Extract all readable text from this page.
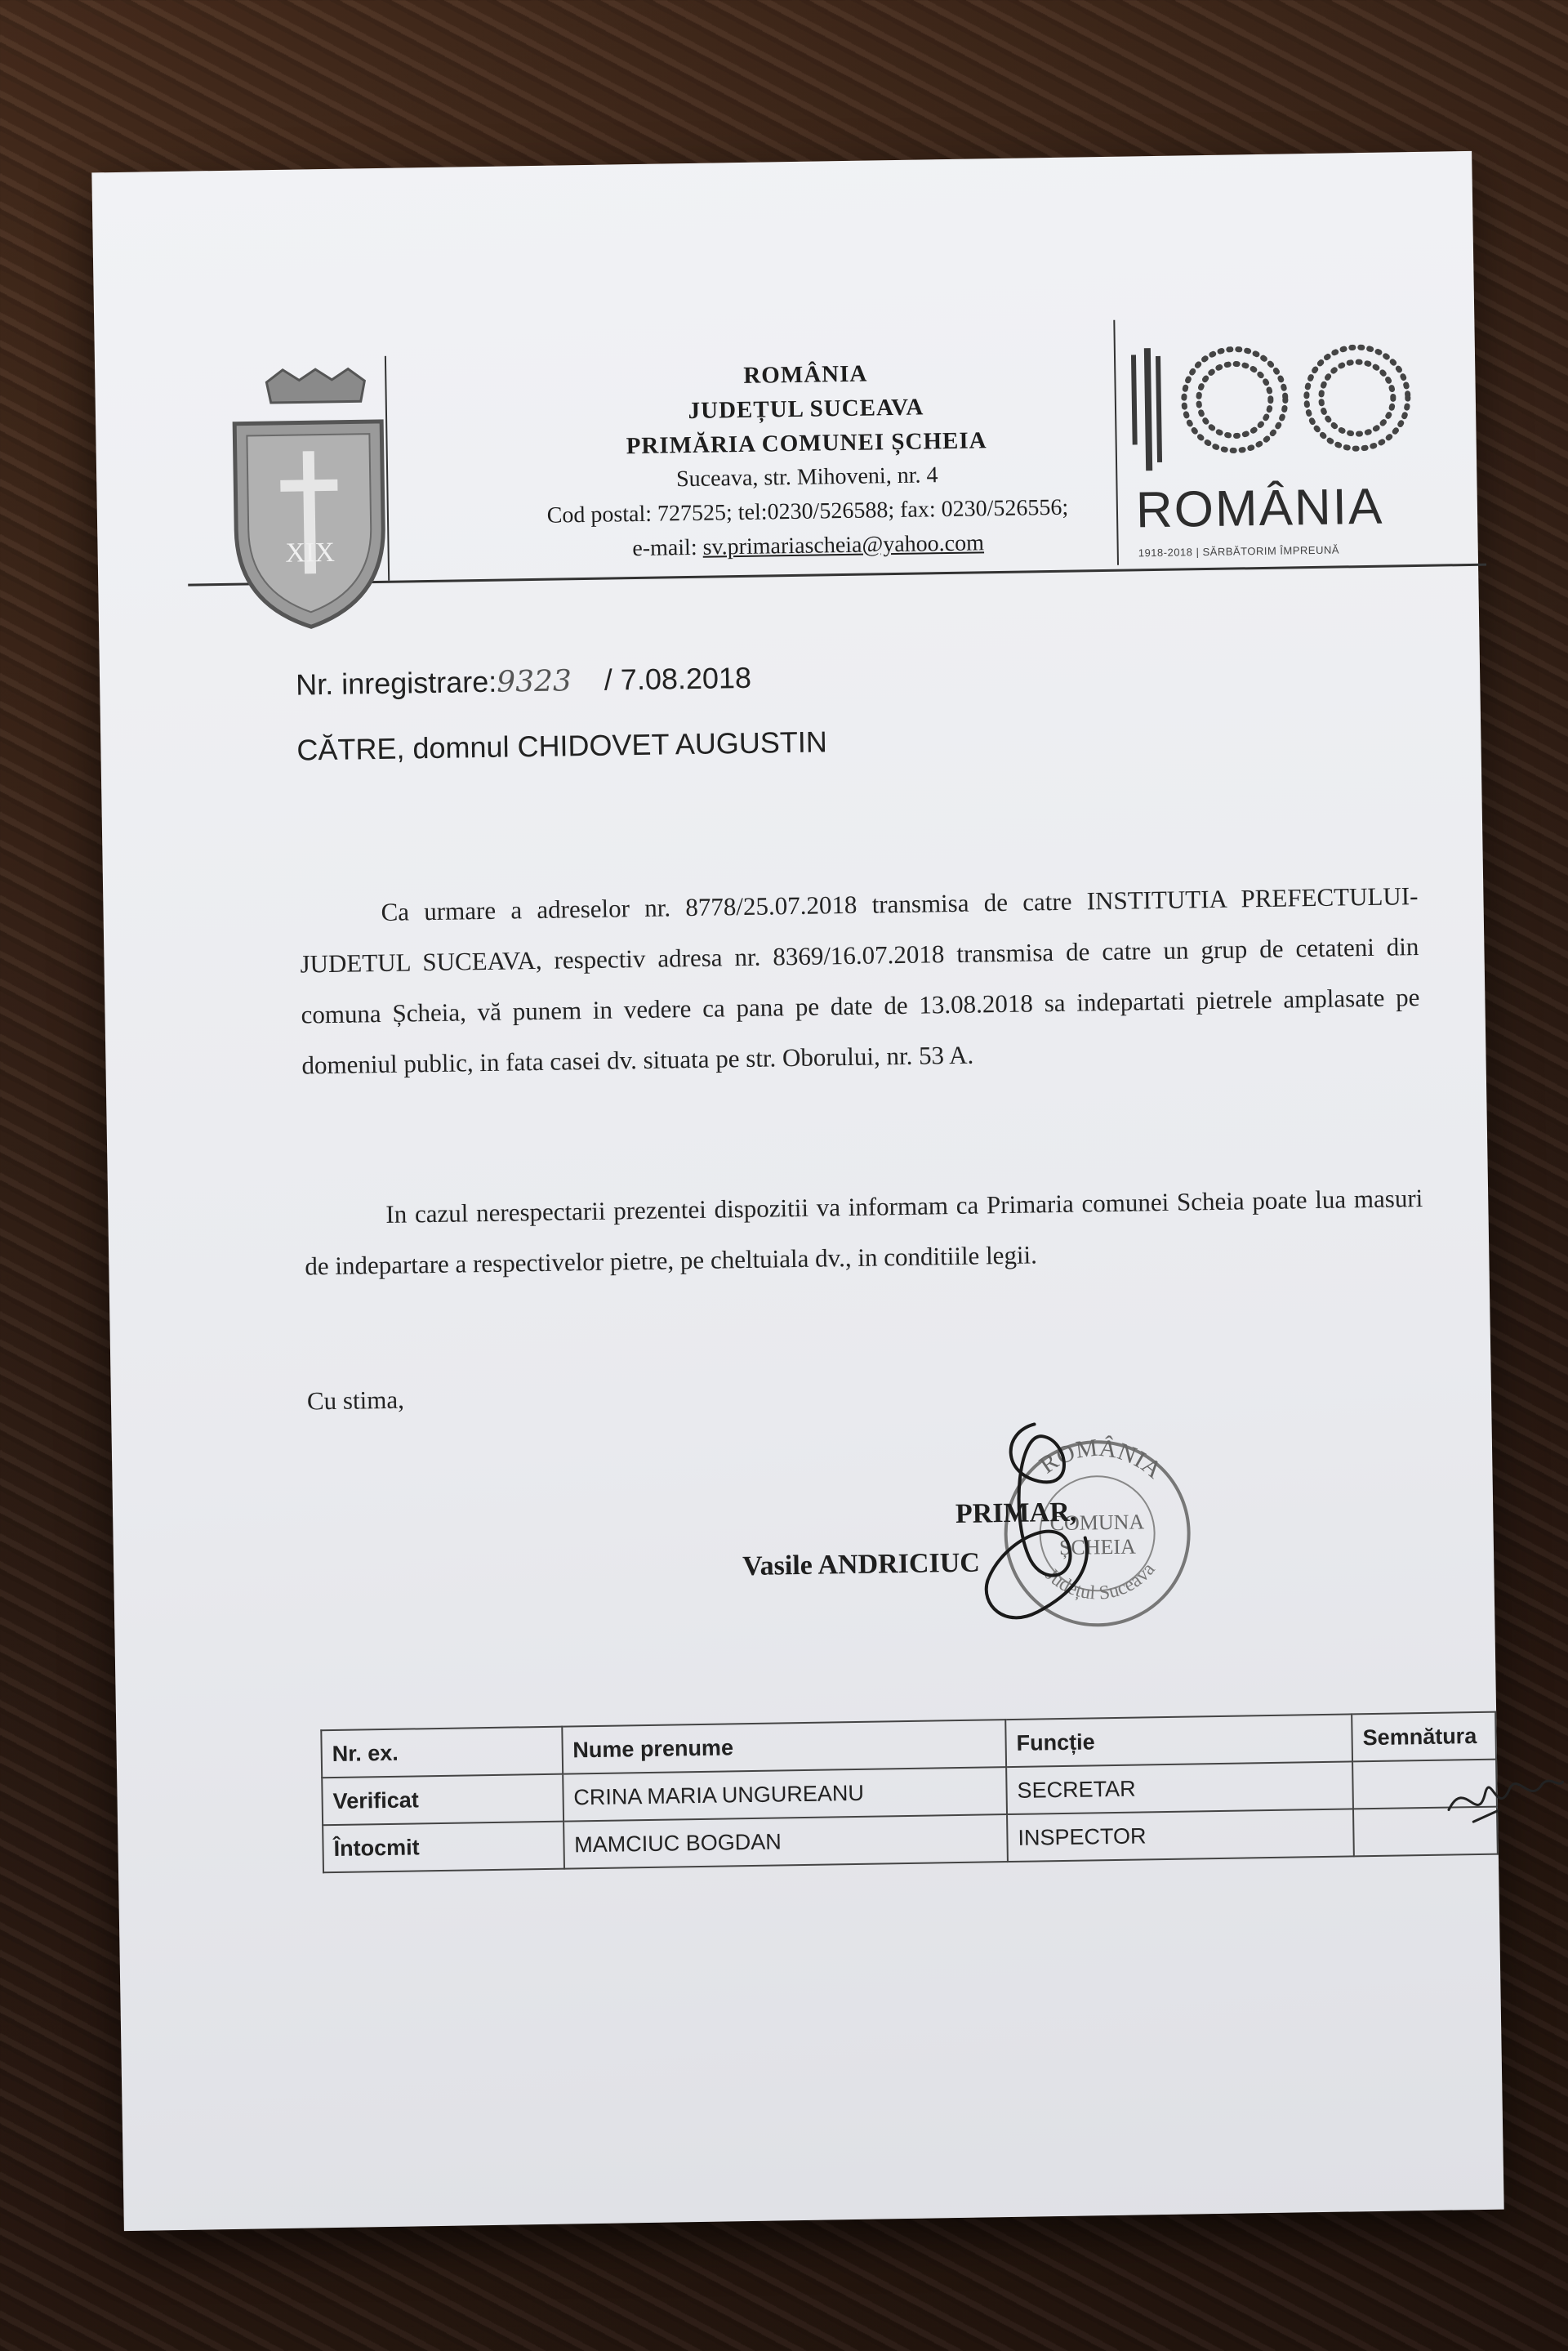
XIX
ROMÂNIA
JUDEȚUL SUCEAVA
PRIMĂRIA COMUNEI ȘCHEIA
Suceava, str. Mihoveni, nr. 4
Cod postal: 727525; tel:0230/526588; fax: 0230/526556;
e-mail: sv.primariascheia@yahoo.com
100
ROMÂNIA
1918-2018 | SĂRBĂTORIM ÎMPREUNĂ
Nr. inregistrare:9323 / 7.08.2018
CĂTRE, domnul CHIDOVET AUGUSTIN
Ca urmare a adreselor nr. 8778/25.07.2018 transmisa de catre INSTITUTIA PREFECTULUI-JUDETUL SUCEAVA, respectiv adresa nr. 8369/16.07.2018 transmisa de catre un grup de cetateni din comuna Șcheia, vă punem in vedere ca pana pe date de 13.08.2018 sa indepartati pietrele amplasate pe domeniul public, in fata casei dv. situata pe str. Oborului, nr. 53 A.
In cazul nerespectarii prezentei dispozitii va informam ca Primaria comunei Scheia poate lua masuri de indepartare a respectivelor pietre, pe cheltuiala dv., in conditiile legii.
Cu stima,
ROMÂNIA
COMUNA
ȘCHEIA
Județul Suceava
PRIMAR,
Vasile ANDRICIUC
Nr. ex.	Nume prenume	Funcție	Semnătura
Verificat	CRINA MARIA UNGUREANU	SECRETAR	
Întocmit	MAMCIUC BOGDAN	INSPECTOR	
